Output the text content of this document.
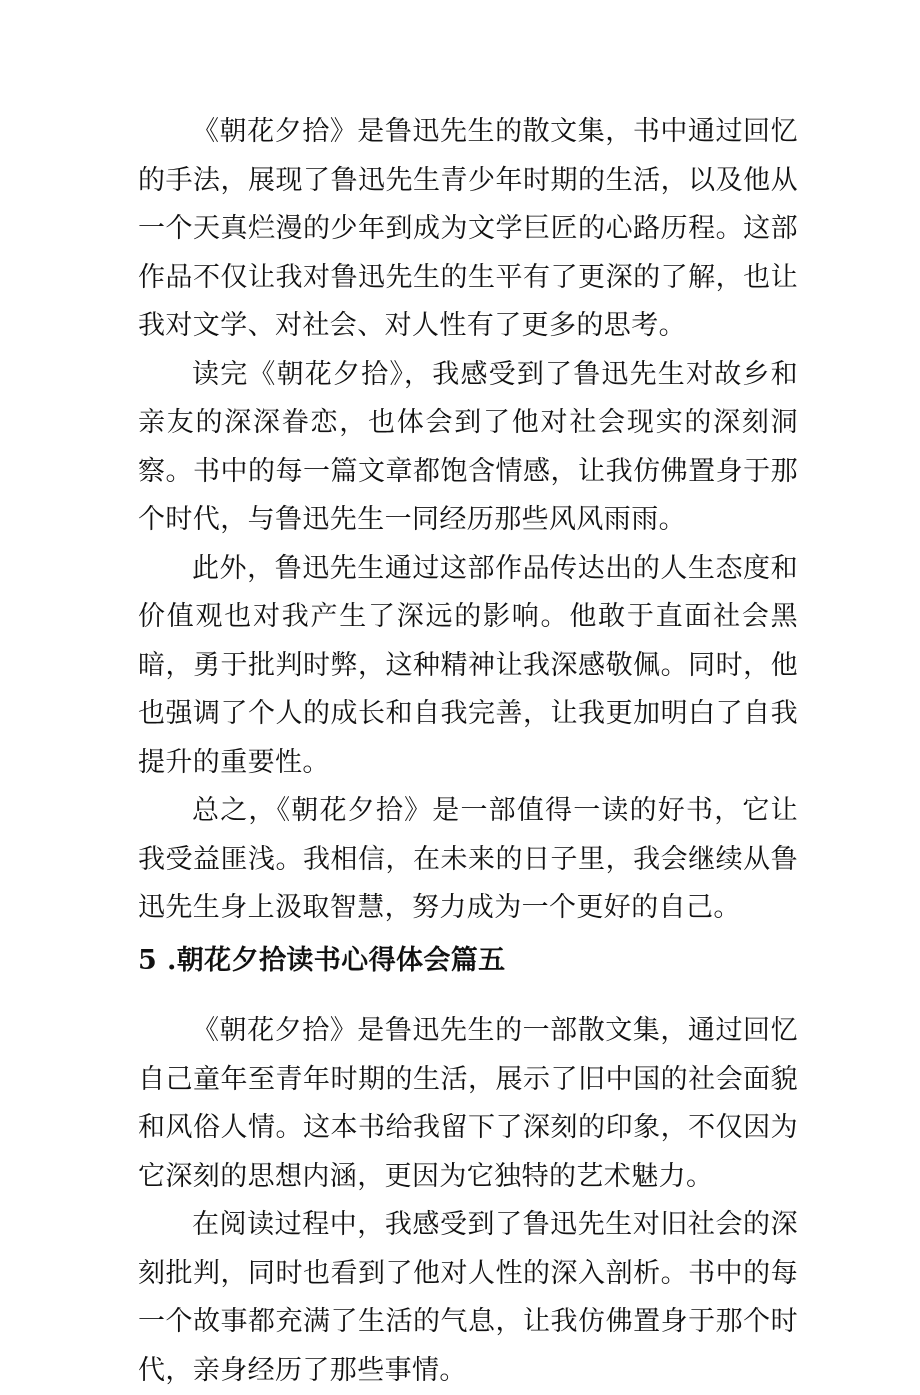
《朝花夕拾》是鲁迅先生的散文集，书中通过回忆的手法，展现了鲁迅先生青少年时期的生活，以及他从一个天真烂漫的少年到成为文学巨匠的心路历程。这部作品不仅让我对鲁迅先生的生平有了更深的了解，也让我对文学、对社会、对人性有了更多的思考。

读完《朝花夕拾》，我感受到了鲁迅先生对故乡和亲友的深深眷恋，也体会到了他对社会现实的深刻洞察。书中的每一篇文章都饱含情感，让我仿佛置身于那个时代，与鲁迅先生一同经历那些风风雨雨。

此外，鲁迅先生通过这部作品传达出的人生态度和价值观也对我产生了深远的影响。他敢于直面社会黑暗，勇于批判时弊，这种精神让我深感敬佩。同时，他也强调了个人的成长和自我完善，让我更加明白了自我提升的重要性。

总之，《朝花夕拾》是一部值得一读的好书，它让我受益匪浅。我相信，在未来的日子里，我会继续从鲁迅先生身上汲取智慧，努力成为一个更好的自己。

5 .朝花夕拾读书心得体会篇五

《朝花夕拾》是鲁迅先生的一部散文集，通过回忆自己童年至青年时期的生活，展示了旧中国的社会面貌和风俗人情。这本书给我留下了深刻的印象，不仅因为它深刻的思想内涵，更因为它独特的艺术魅力。

在阅读过程中，我感受到了鲁迅先生对旧社会的深刻批判，同时也看到了他对人性的深入剖析。书中的每一个故事都充满了生活的气息，让我仿佛置身于那个时代，亲身经历了那些事情。
